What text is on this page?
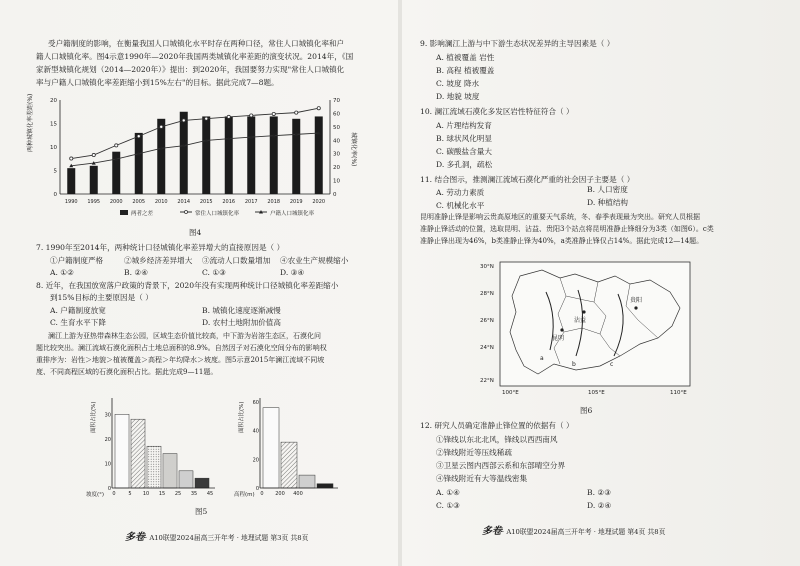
受户籍制度的影响，在衡量我国人口城镇化水平时存在两种口径，常住人口城镇化率和户
籍人口城镇化率。图4示意1990年—2020年我国两类城镇化率差距的演变状况。2014年，《国
家新型城镇化规划（2014—2020年）》提出：到2020年，我国要努力实现"常住人口城镇化
率与户籍人口城镇化率差距缩小到15%左右"的目标。据此完成7—8题。
1990 1995 2000 2005 2010 2014 2015 2016 2017 2018 2019 2020
0
5
10
15
20
0
10
20
30
40
50
60
70
两种城镇化率差距(%)	城镇化率(%)
两者之差	常住人口城镇化率	户籍人口城镇化率
图4
7. 1990年至2014年，两种统计口径城镇化率差异增大的直接原因是（ ）
①户籍制度严格	②城乡经济差异增大 ③流动人口数量增加 ④农业生产规模缩小
A. ①②	B. ②④	C. ①③	D. ③④
8. 近年，在我国放宽落户政策的背景下，2020年没有实现两种统计口径城镇化率差距缩小
到15%目标的主要原因是（ ）
A. 户籍制度放宽	B. 城镇化速度逐渐减慢
C. 生育水平下降	D. 农村土地附加价值高
澜江上游为亚热带森林生态公园，区域生态价值比较高，中下游为岩溶生态区，石漠化问
题比较突出。澜江流域石漠化面积占土地总面积的8.9%。自然因子对石漠化空间分布的影响权
重排序为：岩性＞地貌＞植被覆盖＞高程＞年均降水＞坡度。图5示意2015年澜江流域不同坡
度、不同高程区域的石漠化面积占比。据此完成9—11题。
0	5 10 15 25 35 45
0
10
20
30
面积占比(%)
坡度(°)	0 200 400
0
20
40
60
面积占比(%)
高程(m)
图5
多卷· A10联盟2024届高三开年考 · 地理试题 第3页 共8页
9. 影响澜江上游与中下游生态状况差异的主导因素是（ ）
A. 植被覆盖 岩性
B. 高程 植被覆盖
C. 坡度 降水
D. 地貌 坡度
10. 澜江流域石漠化多发区岩性特征符合（ ）
A. 片理结构发育
B. 球状风化明显
C. 碳酸盐含量大
D. 多孔洞，疏松
11. 结合图示，推测澜江流域石漠化严重的社会因子主要是（ ）
A. 劳动力素质	B. 人口密度
C. 机械化水平	D. 种植结构
昆明准静止锋是影响云贵高原地区的重要天气系统，冬、春季表现最为突出。研究人员根据
准静止锋活动的位置，选取昆明、沾益、贵阳3个站点将昆明准静止锋细分为3类（如图6）。c类
准静止锋出现为46%，b类准静止锋为40%，a类准静止锋仅占14%。据此完成12—14题。
30°N
28°N
26°N
24°N
22°N
100°E	105°E	110°E
a
b	c
昆明
沾益
贵阳
图6
12. 研究人员确定准静止锋位置的依据有（ ）
①锋线以东北北风，锋线以西西南风
②锋线附近等压线稀疏
③卫星云图内西部云系和东部晴空分界
④锋线附近有大等温线密集
A. ①④	B. ②③
C. ①③	D. ②④
多卷· A10联盟2024届高三开年考 · 地理试题 第4页 共8页
